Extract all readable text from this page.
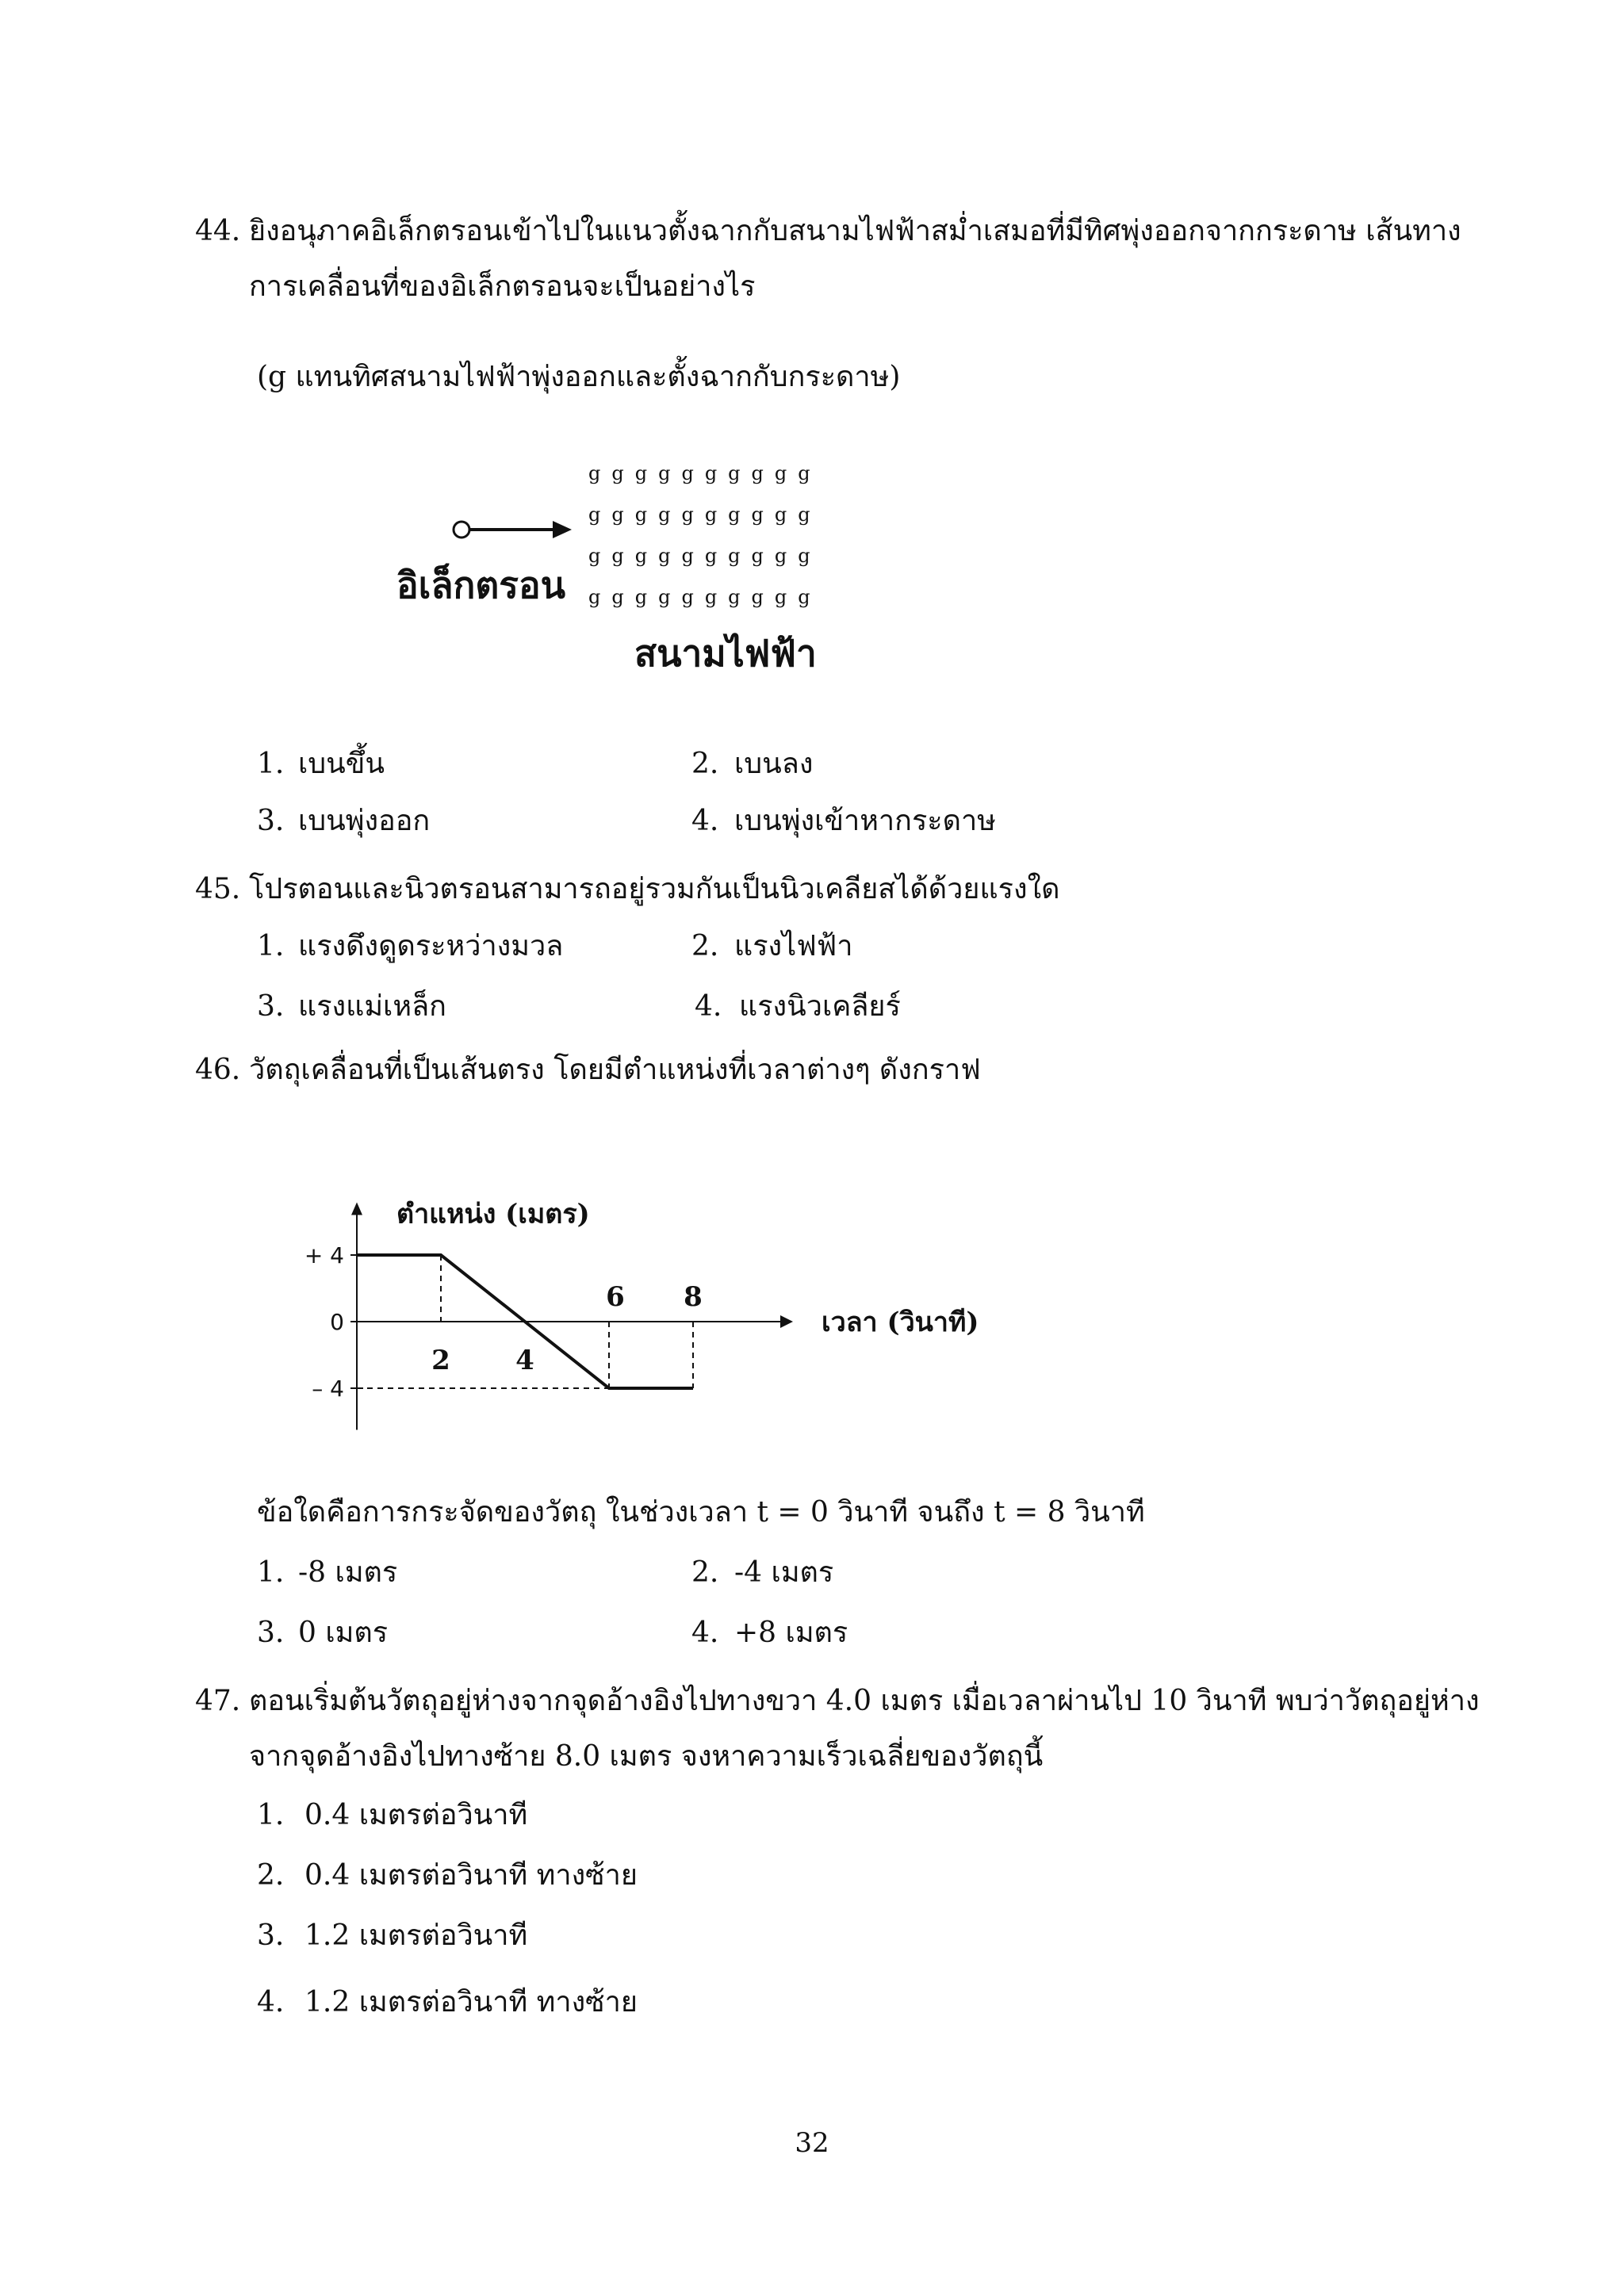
44. ยิงอนุภาคอิเล็กตรอนเข้าไปในแนวตั้งฉากกับสนามไฟฟ้าสม่ำเสมอที่มีทิศพุ่งออกจากกระดาษ เส้นทาง
การเคลื่อนที่ของอิเล็กตรอนจะเป็นอย่างไร
(g แทนทิศสนามไฟฟ้าพุ่งออกและตั้งฉากกับกระดาษ)
gggggggggg
gggggggggg
gggggggggg
gggggggggg
อิเล็กตรอน
สนามไฟฟ้า
1. เบนขึ้น	2. เบนลง
3. เบนพุ่งออก	4. เบนพุ่งเข้าหากระดาษ
45. โปรตอนและนิวตรอนสามารถอยู่รวมกันเป็นนิวเคลียสได้ด้วยแรงใด
1. แรงดึงดูดระหว่างมวล	2. แรงไฟฟ้า
3. แรงแม่เหล็ก	4. แรงนิวเคลียร์
46. วัตถุเคลื่อนที่เป็นเส้นตรง โดยมีตำแหน่งที่เวลาต่างๆ ดังกราฟ
+ 4
0
– 4
2 4
6 8
ตำแหน่ง (เมตร)
เวลา (วินาที)
ข้อใดคือการกระจัดของวัตถุ ในช่วงเวลา t = 0 วินาที จนถึง t = 8 วินาที
1. -8 เมตร	2. -4 เมตร
3. 0 เมตร	4. +8 เมตร
47. ตอนเริ่มต้นวัตถุอยู่ห่างจากจุดอ้างอิงไปทางขวา 4.0 เมตร เมื่อเวลาผ่านไป 10 วินาที พบว่าวัตถุอยู่ห่าง
จากจุดอ้างอิงไปทางซ้าย 8.0 เมตร จงหาความเร็วเฉลี่ยของวัตถุนี้
1. 0.4 เมตรต่อวินาที
2. 0.4 เมตรต่อวินาที ทางซ้าย
3. 1.2 เมตรต่อวินาที
4. 1.2 เมตรต่อวินาที ทางซ้าย
32
